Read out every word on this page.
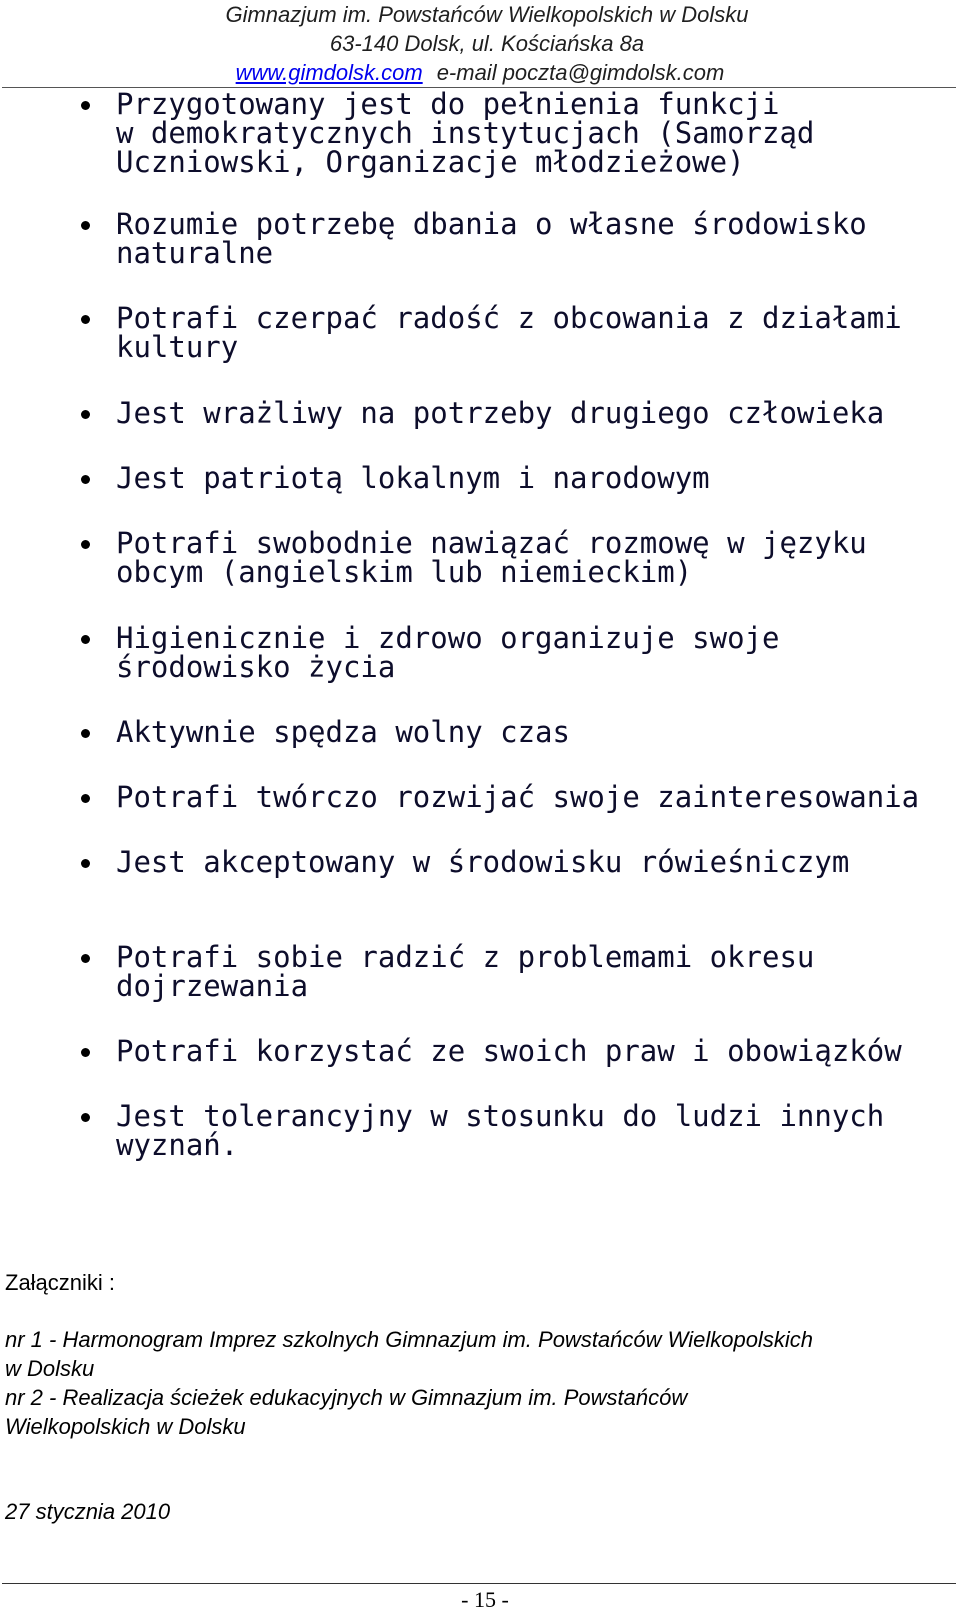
Gimnazjum im. Powstańców Wielkopolskich w Dolsku
63-140 Dolsk, ul. Kościańska 8a
www.gimdolsk.com e-mail poczta@gimdolsk.com
Przygotowany jest do pełnienia funkcji
w demokratycznych instytucjach (Samorząd
Uczniowski, Organizacje młodzieżowe)
Rozumie potrzebę dbania o własne środowisko
naturalne
Potrafi czerpać radość z obcowania z działami
kultury
Jest wrażliwy na potrzeby drugiego człowieka
Jest patriotą lokalnym i narodowym
Potrafi swobodnie nawiązać rozmowę w języku
obcym (angielskim lub niemieckim)
Higienicznie i zdrowo organizuje swoje
środowisko życia
Aktywnie spędza wolny czas
Potrafi twórczo rozwijać swoje zainteresowania
Jest akceptowany w środowisku rówieśniczym
Potrafi sobie radzić z problemami okresu
dojrzewania
Potrafi korzystać ze swoich praw i obowiązków
Jest tolerancyjny w stosunku do ludzi innych
wyznań.
Załączniki :
nr 1 - Harmonogram Imprez szkolnych Gimnazjum im. Powstańców Wielkopolskich
w Dolsku
nr 2 - Realizacja ścieżek edukacyjnych w Gimnazjum im. Powstańców
Wielkopolskich w Dolsku
27 stycznia 2010
- 15 -
